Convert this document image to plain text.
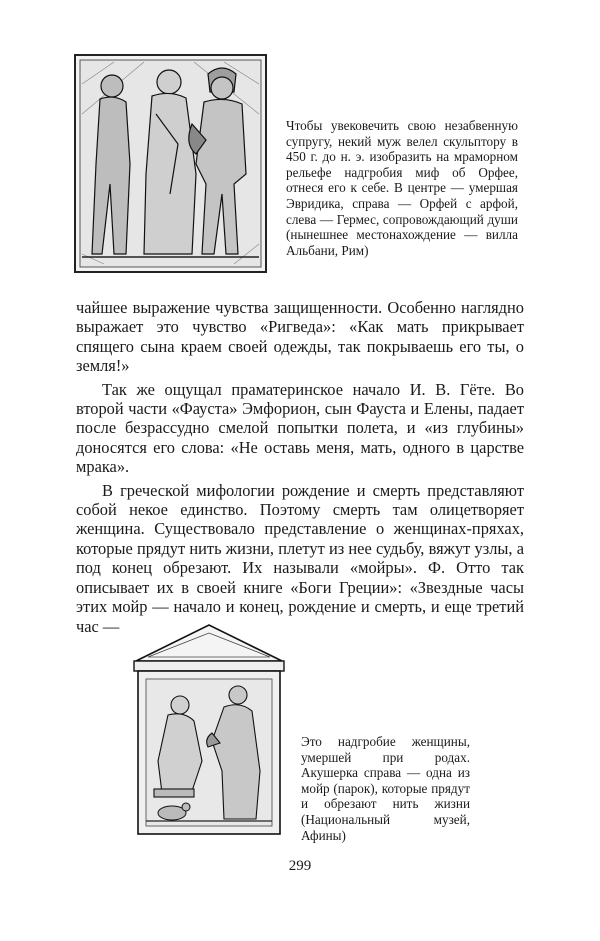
Чтобы увековечить свою незабвенную супругу, некий муж велел скульптору в 450 г. до н. э. изобразить на мраморном рельефе надгробия миф об Орфее, отнеся его к себе. В центре — умершая Эвридика, справа — Орфей с арфой, слева — Гермес, сопровождающий души (нынешнее местонахождение — вилла Альбани, Рим)

чайшее выражение чувства защищенности. Особенно наглядно выражает это чувство «Ригведа»: «Как мать прикрывает спящего сына краем своей одежды, так покрываешь его ты, о земля!»

Так же ощущал праматеринское начало И. В. Гёте. Во второй части «Фауста» Эмфорион, сын Фауста и Елены, падает после безрассудно смелой попытки полета, и «из глубины» доносятся его слова: «Не оставь меня, мать, одного в царстве мрака».

В греческой мифологии рождение и смерть представляют собой некое единство. Поэтому смерть там олицетворяет женщина. Существовало представление о женщинах-пряхах, которые прядут нить жизни, плетут из нее судьбу, вяжут узлы, а под конец обрезают. Их называли «мойры». Ф. Отто так описывает их в своей книге «Боги Греции»: «Звездные часы этих мойр — начало и конец, рождение и смерть, и еще третий час —

Это надгробие женщины, умершей при родах. Акушерка справа — одна из мойр (парок), которые прядут и обрезают нить жизни (Национальный музей, Афины)
299
